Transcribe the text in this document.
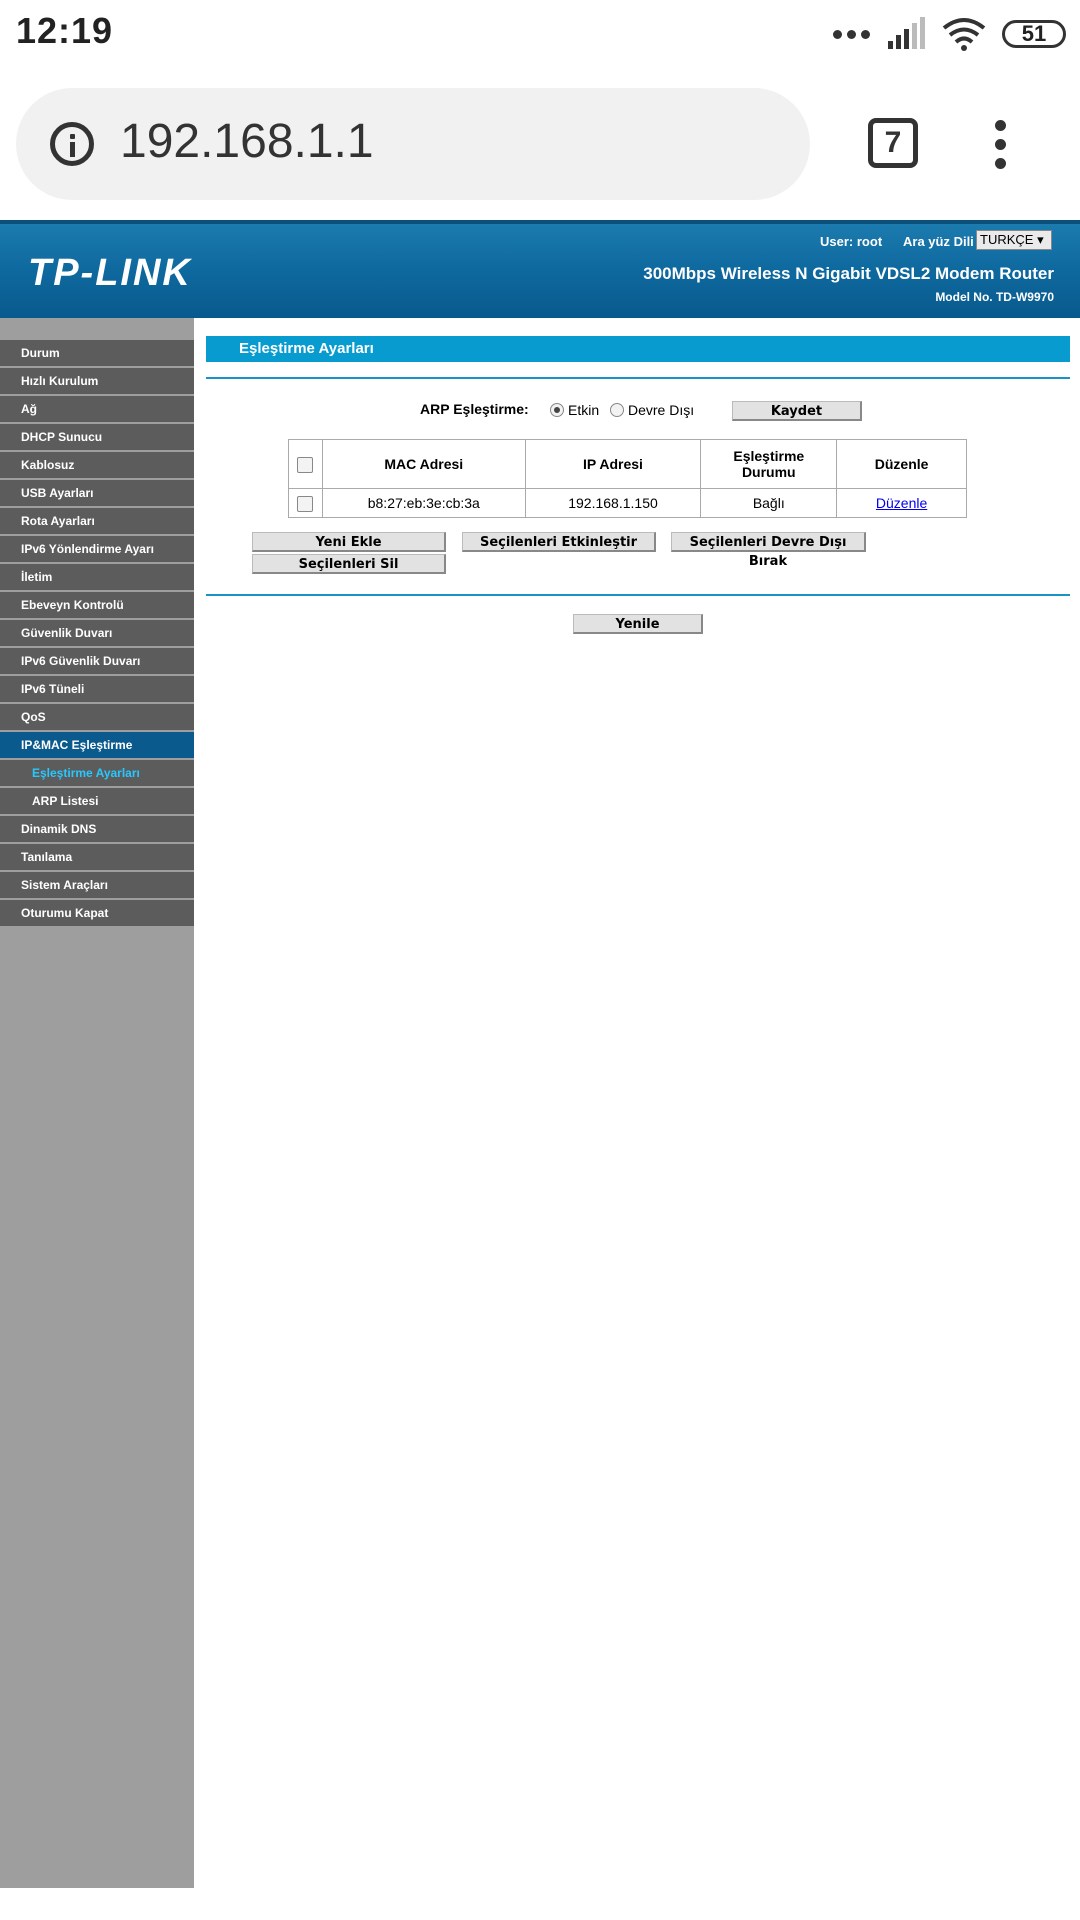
12:19	51
192.168.1.1	7
TP-LINK
User: root Ara yüz Dili TURKÇE ▾
300Mbps Wireless N Gigabit VDSL2 Modem Router
Model No. TD-W9970
Durum
Hızlı Kurulum
Ağ
DHCP Sunucu
Kablosuz
USB Ayarları
Rota Ayarları
IPv6 Yönlendirme Ayarı
İletim
Ebeveyn Kontrolü
Güvenlik Duvarı
IPv6 Güvenlik Duvarı
IPv6 Tüneli
QoS
IP&MAC Eşleştirme
Eşleştirme Ayarları
ARP Listesi
Dinamik DNS
Tanılama
Sistem Araçları
Oturumu Kapat
Eşleştirme Ayarları
ARP Eşleştirme:	Etkin Devre Dışı	Kaydet
	MAC Adresi	IP Adresi	Eşleştirme Durumu	Düzenle
	b8:27:eb:3e:cb:3a	192.168.1.150	Bağlı	Düzenle
Yeni Ekle	Seçilenleri Etkinleştir	Seçilenleri Devre Dışı Bırak
Seçilenleri Sil
Yenile
